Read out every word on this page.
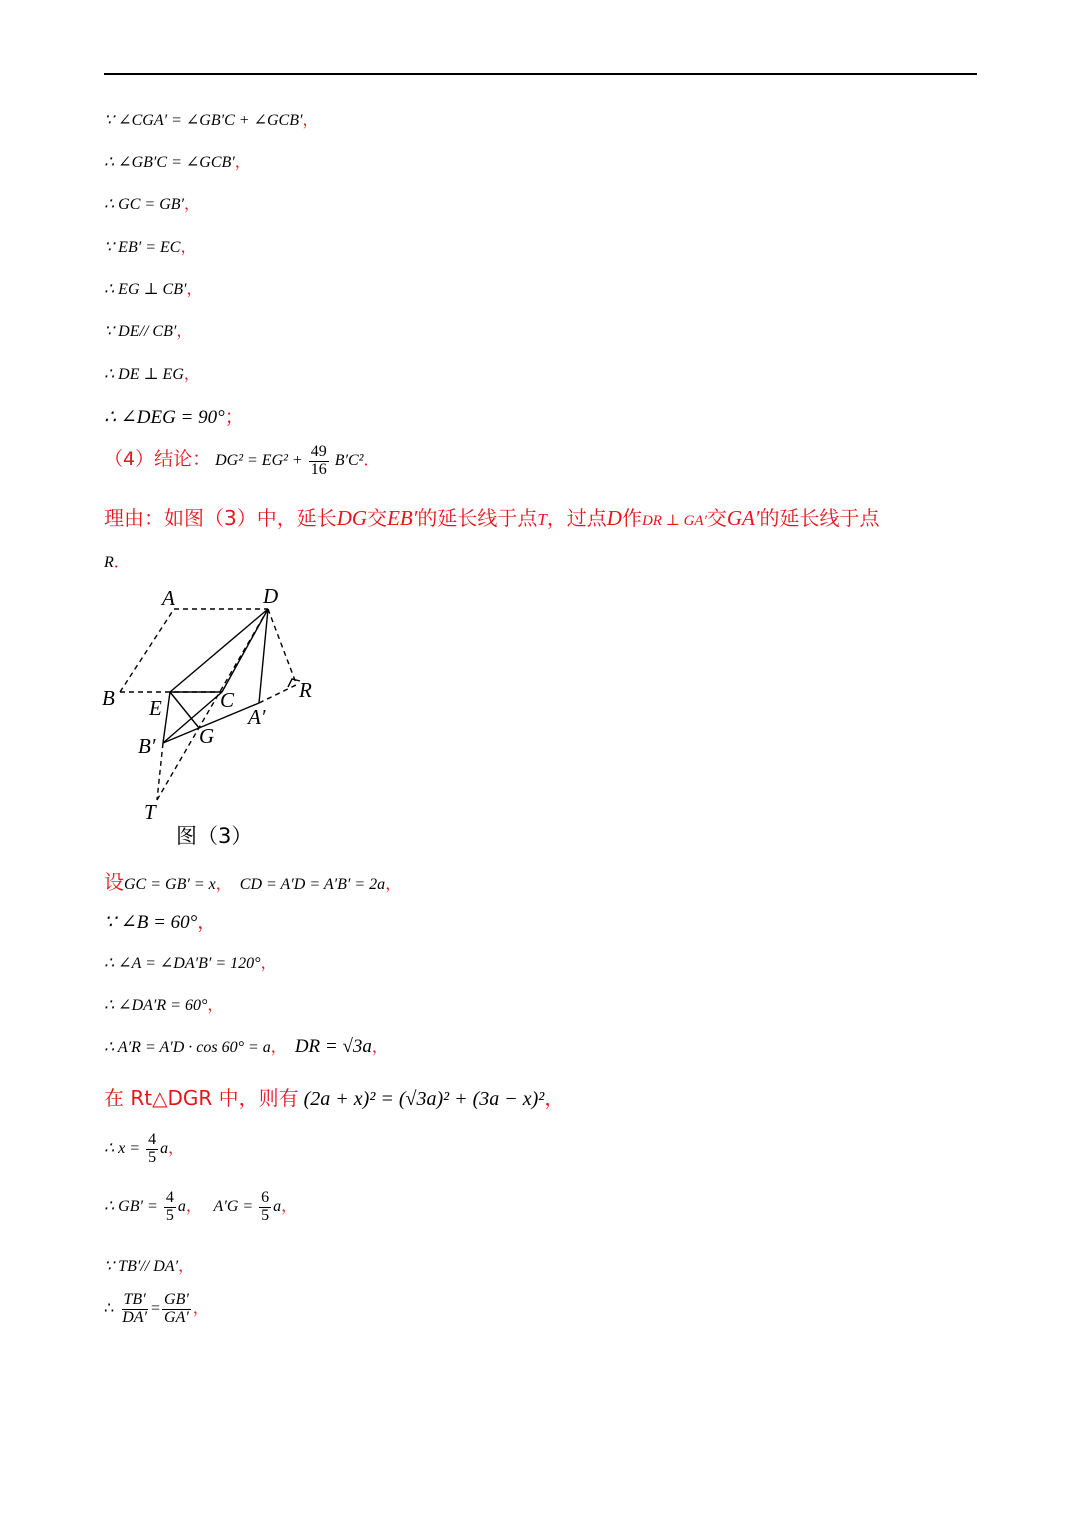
∵ ∠CGA′ = ∠GB′C + ∠GCB′，
∴ ∠GB′C = ∠GCB′，
∴ GC = GB′，
∵ EB′ = EC，
∴ EG ⊥ CB′，
∵ DE// CB′，
∴ DE ⊥ EG，
∴ ∠DEG = 90°；
（4）结论： $DG^2 = EG^2 + \frac{49}{16} B'C^2$．
理由：如图（3）中，延长DG交EB′的延长线于点T，过点D作DR ⊥ GA′交GA′的延长线于点
R．
A	D
B E	C	R
A′
B′ G
T
图（3）
设GC = GB′ = x， CD = A′D = A′B′ = 2a，
∵ ∠B = 60°，
∴ ∠A = ∠DA′B′ = 120°，
∴ ∠DA′R = 60°，
∴ A′R = A′D · cos 60° = a， DR = √3a，
在 Rt△DGR 中，则有 (2a + x)² = (√3a)² + (3a − x)²，
∴ $x = \frac{4}{5}$ a，
∴ $GB' = \frac{4}{5}$ a， $A'G = \frac{6}{5}$ a，
∵ TB′// DA′，
∴ $\frac{TB'}{DA'} = \frac{GB'}{GA'}$ ，
